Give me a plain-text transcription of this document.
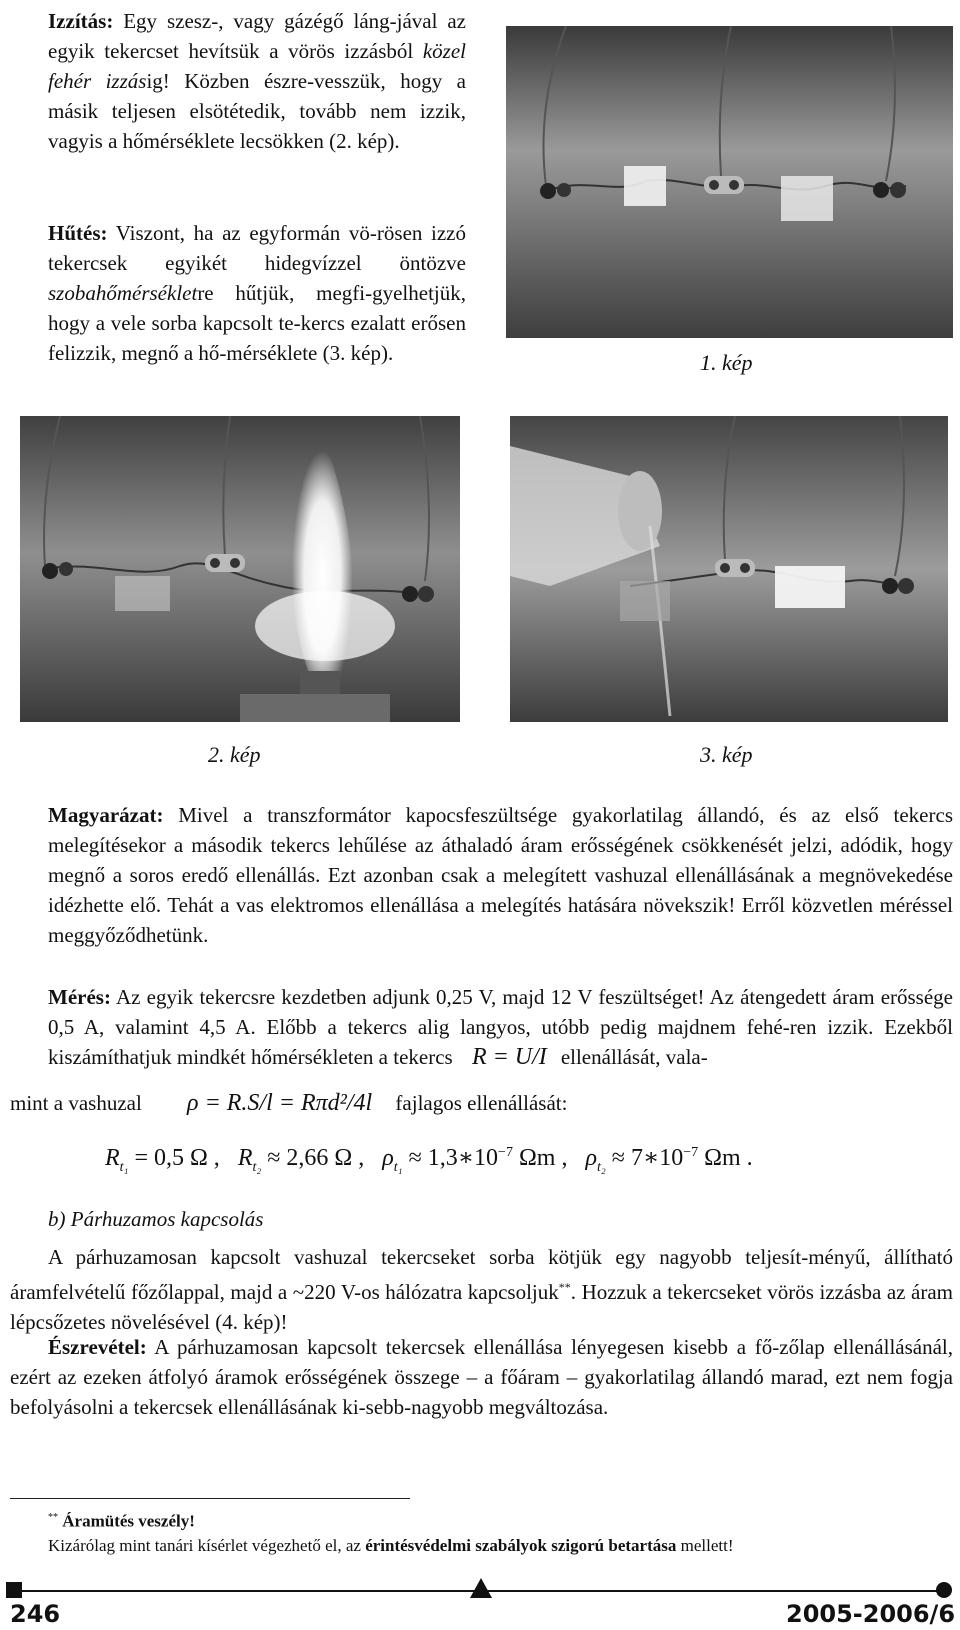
Izzítás: Egy szesz-, vagy gázégő láng-jával az egyik tekercset hevítsük a vörös izzásból közel fehér izzásig! Közben észre-vesszük, hogy a másik teljesen elsötétedik, tovább nem izzik, vagyis a hőmérséklete lecsökken (2. kép).
Hűtés: Viszont, ha az egyformán vö-rösen izzó tekercsek egyikét hidegvízzel öntözve szobahőmérsékletre hűtjük, megfi-gyelhetjük, hogy a vele sorba kapcsolt te-kercs ezalatt erősen felizzik, megnő a hő-mérséklete (3. kép).	1. kép
2. kép	3. kép
Magyarázat: Mivel a transzformátor kapocsfeszültsége gyakorlatilag állandó, és az első tekercs melegítésekor a második tekercs lehűlése az áthaladó áram erősségének csökkenését jelzi, adódik, hogy megnő a soros eredő ellenállás. Ezt azonban csak a melegített vashuzal ellenállásának a megnövekedése idézhette elő. Tehát a vas elektromos ellenállása a melegítés hatására növekszik! Erről közvetlen méréssel meggyőződhetünk.
Mérés: Az egyik tekercsre kezdetben adjunk 0,25 V, majd 12 V feszültséget! Az átengedett áram erőssége 0,5 A, valamint 4,5 A. Előbb a tekercs alig langyos, utóbb pedig majdnem fehé-ren izzik. Ezekből kiszámíthatjuk mindkét hőmérsékleten a tekercs R = U/I ellenállását, vala-
mint a vashuzal ρ = R.S/l = Rπd²/4l fajlagos ellenállását:
$R_{t_1} = 0,5$ Ω , $R_{t_2} \approx 2,66$ Ω , $\rho_{t_1}$ ≈ $1,3∗10^{-7}$ Ωm , $\rho_{t_2}$ ≈ $7∗10^{-7}$ Ωm .
b) Párhuzamos kapcsolás
A párhuzamosan kapcsolt vashuzal tekercseket sorba kötjük egy nagyobb teljesít-ményű, állítható áramfelvételű főzőlappal, majd a ~220 V-os hálózatra kapcsoljuk**. Hozzuk a tekercseket vörös izzásba az áram lépcsőzetes növelésével (4. kép)!
Észrevétel: A párhuzamosan kapcsolt tekercsek ellenállása lényegesen kisebb a fő-zőlap ellenállásánál, ezért az ezeken átfolyó áramok erősségének összege – a főáram – gyakorlatilag állandó marad, ezt nem fogja befolyásolni a tekercsek ellenállásának ki-sebb-nagyobb megváltozása.
** Áramütés veszély!
Kizárólag mint tanári kísérlet végezhető el, az érintésvédelmi szabályok szigorú betartása mellett!
246	2005-2006/6
